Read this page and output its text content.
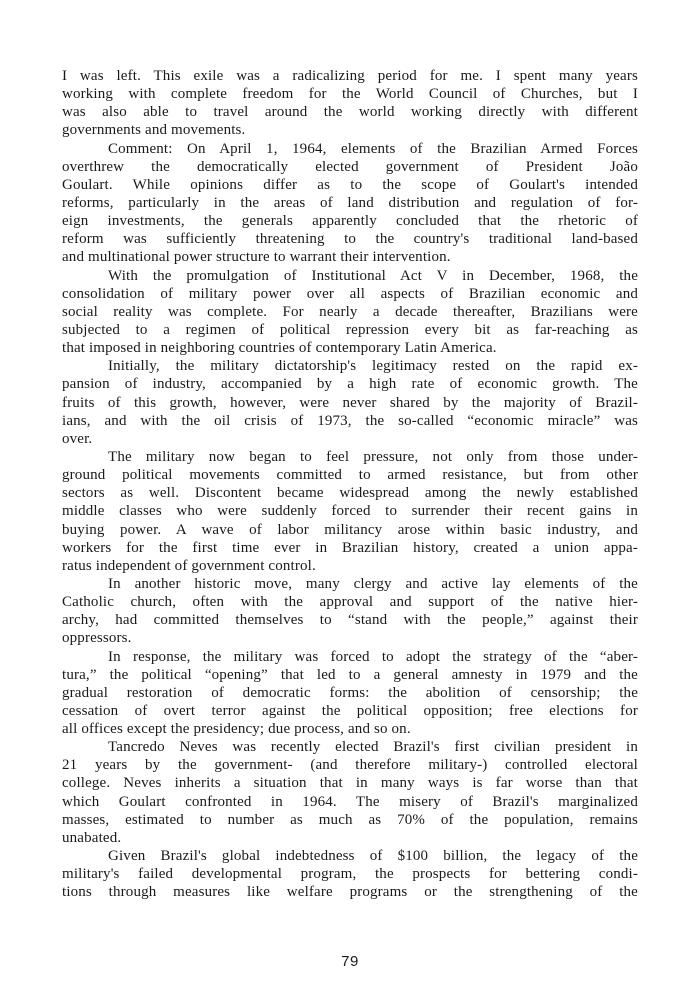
I was left. This exile was a radicalizing period for me. I spent many years
working with complete freedom for the World Council of Churches, but I
was also able to travel around the world working directly with different
governments and movements.
Comment: On April 1, 1964, elements of the Brazilian Armed Forces
overthrew the democratically elected government of President João
Goulart. While opinions differ as to the scope of Goulart's intended
reforms, particularly in the areas of land distribution and regulation of for-
eign investments, the generals apparently concluded that the rhetoric of
reform was sufficiently threatening to the country's traditional land-based
and multinational power structure to warrant their intervention.
With the promulgation of Institutional Act V in December, 1968, the
consolidation of military power over all aspects of Brazilian economic and
social reality was complete. For nearly a decade thereafter, Brazilians were
subjected to a regimen of political repression every bit as far-reaching as
that imposed in neighboring countries of contemporary Latin America.
Initially, the military dictatorship's legitimacy rested on the rapid ex-
pansion of industry, accompanied by a high rate of economic growth. The
fruits of this growth, however, were never shared by the majority of Brazil-
ians, and with the oil crisis of 1973, the so-called “economic miracle” was
over.
The military now began to feel pressure, not only from those under-
ground political movements committed to armed resistance, but from other
sectors as well. Discontent became widespread among the newly established
middle classes who were suddenly forced to surrender their recent gains in
buying power. A wave of labor militancy arose within basic industry, and
workers for the first time ever in Brazilian history, created a union appa-
ratus independent of government control.
In another historic move, many clergy and active lay elements of the
Catholic church, often with the approval and support of the native hier-
archy, had committed themselves to “stand with the people,” against their
oppressors.
In response, the military was forced to adopt the strategy of the “aber-
tura,” the political “opening” that led to a general amnesty in 1979 and the
gradual restoration of democratic forms: the abolition of censorship; the
cessation of overt terror against the political opposition; free elections for
all offices except the presidency; due process, and so on.
Tancredo Neves was recently elected Brazil's first civilian president in
21 years by the government- (and therefore military-) controlled electoral
college. Neves inherits a situation that in many ways is far worse than that
which Goulart confronted in 1964. The misery of Brazil's marginalized
masses, estimated to number as much as 70% of the population, remains
unabated.
Given Brazil's global indebtedness of $100 billion, the legacy of the
military's failed developmental program, the prospects for bettering condi-
tions through measures like welfare programs or the strengthening of the
79
